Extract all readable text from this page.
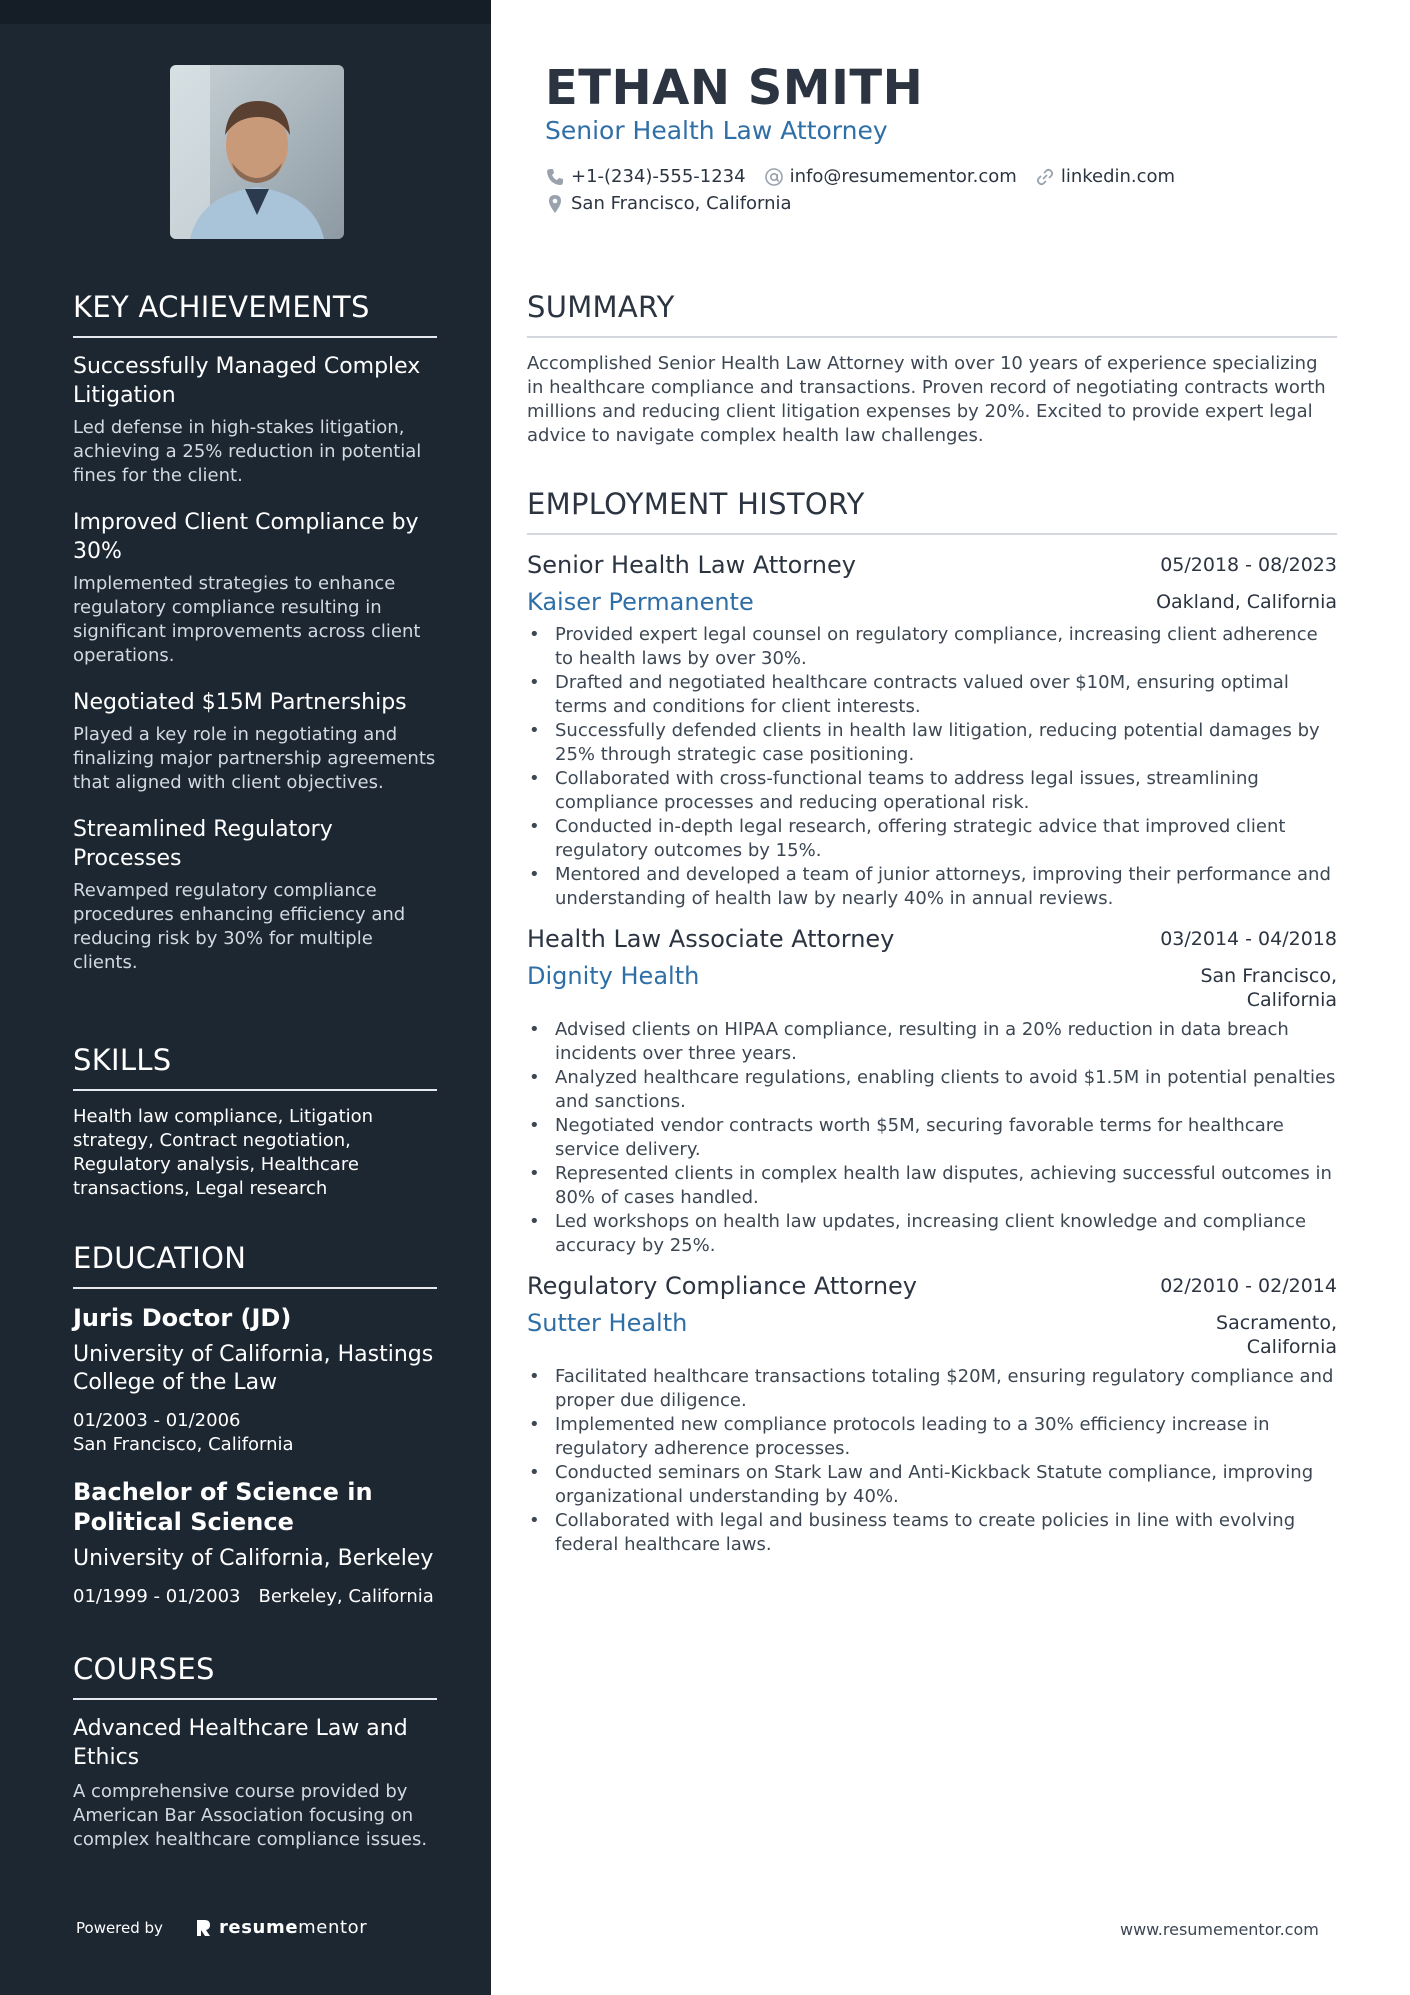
KEY ACHIEVEMENTS

Successfully Managed Complex Litigation

Led defense in high-stakes litigation, achieving a 25% reduction in potential fines for the client.

Improved Client Compliance by 30%

Implemented strategies to enhance regulatory compliance resulting in significant improvements across client operations.

Negotiated $15M Partnerships

Played a key role in negotiating and finalizing major partnership agreements that aligned with client objectives.

Streamlined Regulatory Processes

Revamped regulatory compliance procedures enhancing efficiency and reducing risk by 30% for multiple clients.

SKILLS

Health law compliance, Litigation strategy, Contract negotiation, Regulatory analysis, Healthcare transactions, Legal research

EDUCATION

Juris Doctor (JD)

University of California, Hastings College of the Law

01/2003 - 01/2006

San Francisco, California

Bachelor of Science in Political Science

University of California, Berkeley

01/1999 - 01/2003 Berkeley, California
COURSES

Advanced Healthcare Law and Ethics

A comprehensive course provided by American Bar Association focusing on complex healthcare compliance issues.

Powered by	resumementor
ETHAN SMITH
Senior Health Law Attorney
+1-(234)-555-1234 info@resumementor.com linkedin.com
San Francisco, California
SUMMARY

Accomplished Senior Health Law Attorney with over 10 years of experience specializing in healthcare compliance and transactions. Proven record of negotiating contracts worth millions and reducing client litigation expenses by 20%. Excited to provide expert legal advice to navigate complex health law challenges.

EMPLOYMENT HISTORY
Senior Health Law Attorney	05/2018 - 08/2023
Kaiser Permanente	Oakland, California
• Provided expert legal counsel on regulatory compliance, increasing client adherence to health laws by over 30%.
• Drafted and negotiated healthcare contracts valued over $10M, ensuring optimal terms and conditions for client interests.
• Successfully defended clients in health law litigation, reducing potential damages by 25% through strategic case positioning.
• Collaborated with cross-functional teams to address legal issues, streamlining compliance processes and reducing operational risk.
• Conducted in-depth legal research, offering strategic advice that improved client regulatory outcomes by 15%.
• Mentored and developed a team of junior attorneys, improving their performance and understanding of health law by nearly 40% in annual reviews.
Health Law Associate Attorney	03/2014 - 04/2018
Dignity Health	San Francisco, California
• Advised clients on HIPAA compliance, resulting in a 20% reduction in data breach incidents over three years.
• Analyzed healthcare regulations, enabling clients to avoid $1.5M in potential penalties and sanctions.
• Negotiated vendor contracts worth $5M, securing favorable terms for healthcare service delivery.
• Represented clients in complex health law disputes, achieving successful outcomes in 80% of cases handled.
• Led workshops on health law updates, increasing client knowledge and compliance accuracy by 25%.
Regulatory Compliance Attorney	02/2010 - 02/2014
Sutter Health	Sacramento, California
• Facilitated healthcare transactions totaling $20M, ensuring regulatory compliance and proper due diligence.
• Implemented new compliance protocols leading to a 30% efficiency increase in regulatory adherence processes.
• Conducted seminars on Stark Law and Anti-Kickback Statute compliance, improving organizational understanding by 40%.
• Collaborated with legal and business teams to create policies in line with evolving federal healthcare laws.
www.resumementor.com
